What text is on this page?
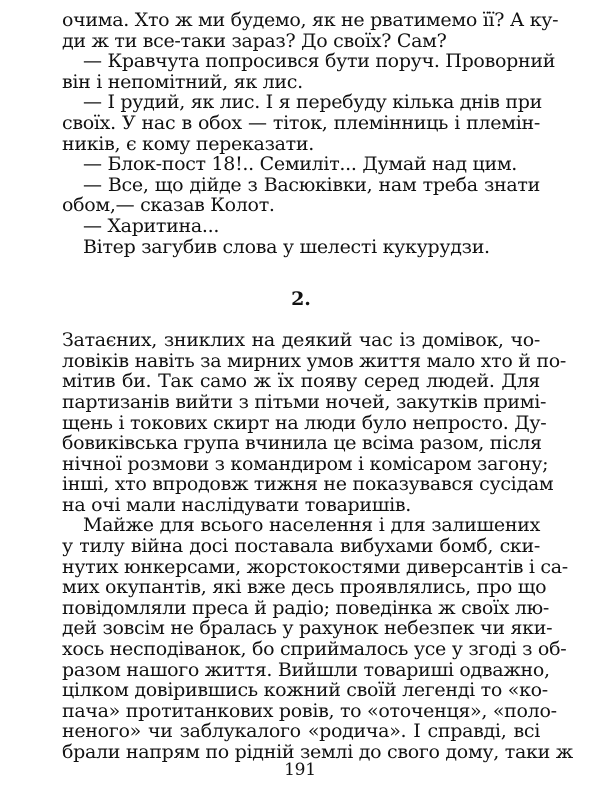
очима. Хто ж ми будемо, як не рватимемо її? А ку-
ди ж ти все-таки зараз? До своїх? Сам?
— Кравчута попросився бути поруч. Проворний
він і непомітний, як лис.
— І рудий, як лис. І я перебуду кілька днів при
своїх. У нас в обох — тіток, племінниць і племін-
ників, є кому переказати.
— Блок-пост 18!.. Семиліт... Думай над цим.
— Все, що дійде з Васюківки, нам треба знати
обом,— сказав Колот.
— Харитина...
Вітер загубив слова у шелесті кукурудзи.
2.
Затаєних, зниклих на деякий час із домівок, чо-
ловіків навіть за мирних умов життя мало хто й по-
мітив би. Так само ж їх появу серед людей. Для
партизанів вийти з пітьми ночей, закутків примі-
щень і токових скирт на люди було непросто. Ду-
бовиківська група вчинила це всіма разом, після
нічної розмови з командиром і комісаром загону;
інші, хто впродовж тижня не показувався сусідам
на очі мали наслідувати товаришів.
Майже для всього населення і для залишених
у тилу війна досі поставала вибухами бомб, ски-
нутих юнкерсами, жорстокостями диверсантів і са-
мих окупантів, які вже десь проявлялись, про що
повідомляли преса й радіо; поведінка ж своїх лю-
дей зовсім не бралась у рахунок небезпек чи яки-
хось несподіванок, бо сприймалось усе у згоді з об-
разом нашого життя. Вийшли товариші одважно,
цілком довірившись кожний своїй легенді то «ко-
пача» протитанкових ровів, то «оточенця», «поло-
неного» чи заблукалого «родича». І справді, всі
брали напрям по рідній землі до свого дому, таки ж
191
